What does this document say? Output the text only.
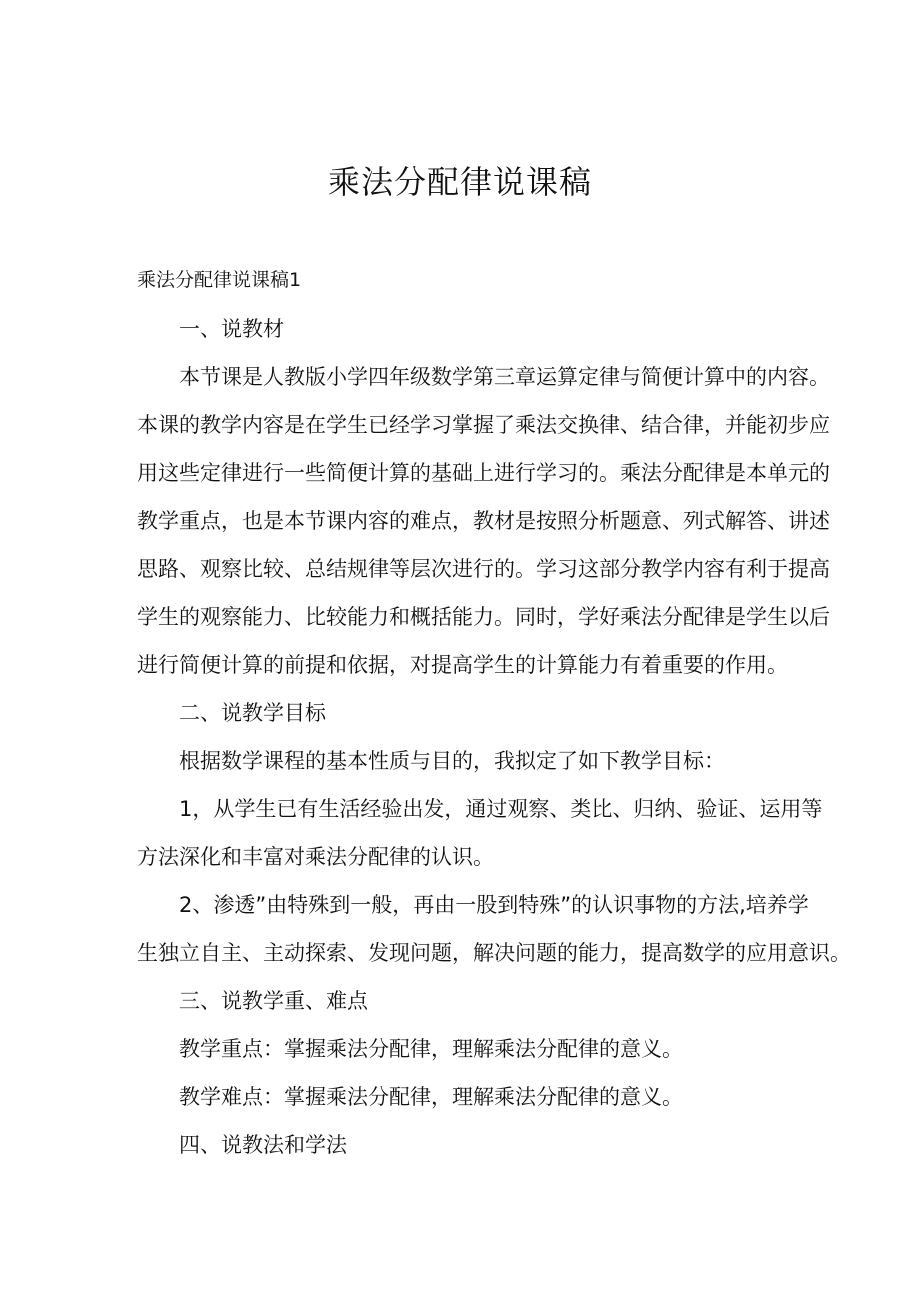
乘法分配律说课稿
乘法分配律说课稿1
一、说教材
本节课是人教版小学四年级数学第三章运算定律与简便计算中的内容。
本课的教学内容是在学生已经学习掌握了乘法交换律、结合律，并能初步应
用这些定律进行一些简便计算的基础上进行学习的。乘法分配律是本单元的
教学重点，也是本节课内容的难点，教材是按照分析题意、列式解答、讲述
思路、观察比较、总结规律等层次进行的。学习这部分教学内容有利于提高
学生的观察能力、比较能力和概括能力。同时，学好乘法分配律是学生以后
进行简便计算的前提和依据，对提高学生的计算能力有着重要的作用。
二、说教学目标
根据数学课程的基本性质与目的，我拟定了如下教学目标：
1，从学生已有生活经验出发，通过观察、类比、归纳、验证、运用等
方法深化和丰富对乘法分配律的认识。
2、渗透”由特殊到一般，再由一股到特殊”的认识事物的方法,培养学
生独立自主、主动探索、发现问题，解决问题的能力，提高数学的应用意识。
三、说教学重、难点
教学重点：掌握乘法分配律，理解乘法分配律的意义。
教学难点：掌握乘法分配律，理解乘法分配律的意义。
四、说教法和学法
